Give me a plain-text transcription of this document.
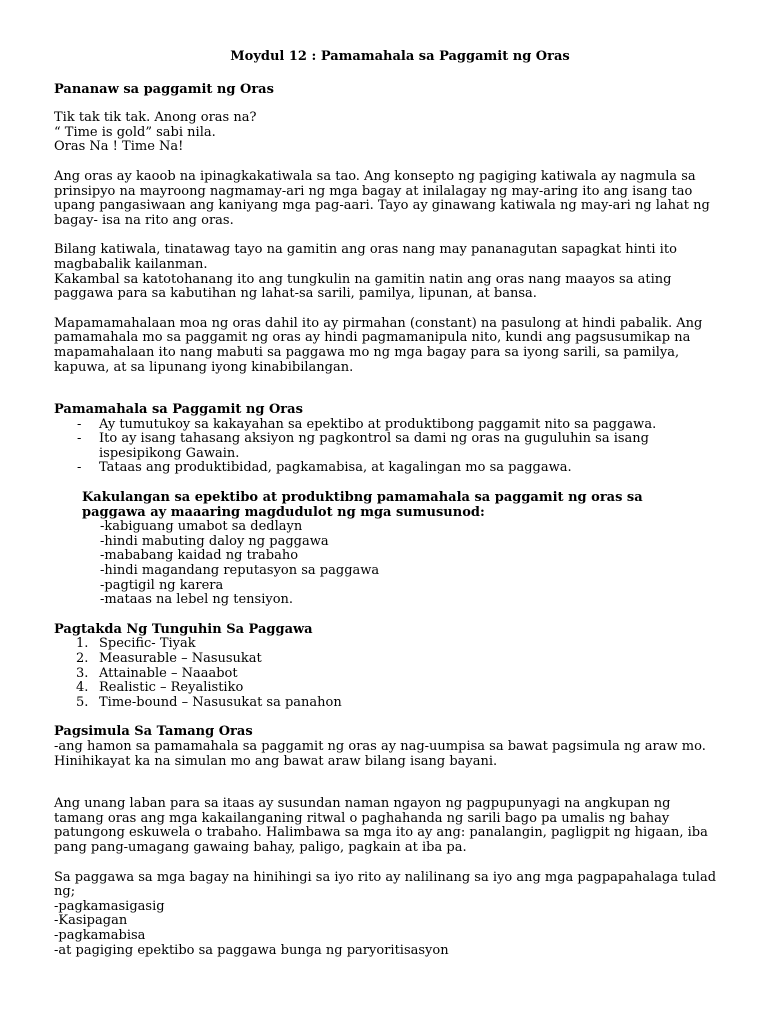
Moydul 12 : Pamamahala sa Paggamit ng Oras
Pananaw sa paggamit ng Oras
Tik tak tik tak. Anong oras na?
“ Time is gold” sabi nila.
Oras Na ! Time Na!
Ang oras ay kaoob na ipinagkakatiwala sa tao. Ang konsepto ng pagiging katiwala ay nagmula sa prinsipyo na mayroong nagmamay-ari ng mga bagay at inilalagay ng may-aring ito ang isang tao upang pangasiwaan ang kaniyang mga pag-aari. Tayo ay ginawang katiwala ng may-ari ng lahat ng bagay- isa na rito ang oras.
Bilang katiwala, tinatawag tayo na gamitin ang oras nang may pananagutan sapagkat hinti ito magbabalik kailanman.
Kakambal sa katotohanang ito ang tungkulin na gamitin natin ang oras nang maayos sa ating paggawa para sa kabutihan ng lahat-sa sarili, pamilya, lipunan, at bansa.
Mapamamahalaan moa ng oras dahil ito ay pirmahan (constant) na pasulong at hindi pabalik. Ang pamamahala mo sa paggamit ng oras ay hindi pagmamanipula nito, kundi ang pagsusumikap na mapamahalaan ito nang mabuti sa paggawa mo ng mga bagay para sa iyong sarili, sa pamilya, kapuwa, at sa lipunang iyong kinabibilangan.
Pamamahala sa Paggamit ng Oras
- Ay tumutukoy sa kakayahan sa epektibo at produktibong paggamit nito sa paggawa.
- Ito ay isang tahasang aksiyon ng pagkontrol sa dami ng oras na guguluhin sa isang ispesipikong Gawain.
- Tataas ang produktibidad, pagkamabisa, at kagalingan mo sa paggawa.
Kakulangan sa epektibo at produktibng pamamahala sa paggamit ng oras sa paggawa ay maaaring magdudulot ng mga sumusunod:
-kabiguang umabot sa dedlayn
-hindi mabuting daloy ng paggawa
-mababang kaidad ng trabaho
-hindi magandang reputasyon sa paggawa
-pagtigil ng karera
-mataas na lebel ng tensiyon.
Pagtakda Ng Tunguhin Sa Paggawa
1. Specific- Tiyak
2. Measurable – Nasusukat
3. Attainable – Naaabot
4. Realistic – Reyalistiko
5. Time-bound – Nasusukat sa panahon
Pagsimula Sa Tamang Oras
-ang hamon sa pamamahala sa paggamit ng oras ay nag-uumpisa sa bawat pagsimula ng araw mo. Hinihikayat ka na simulan mo ang bawat araw bilang isang bayani.
Ang unang laban para sa itaas ay susundan naman ngayon ng pagpupunyagi na angkupan ng tamang oras ang mga kakailanganing ritwal o paghahanda ng sarili bago pa umalis ng bahay patungong eskuwela o trabaho. Halimbawa sa mga ito ay ang: panalangin, pagligpit ng higaan, iba pang pang-umagang gawaing bahay, paligo, pagkain at iba pa.
Sa paggawa sa mga bagay na hinihingi sa iyo rito ay nalilinang sa iyo ang mga pagpapahalaga tulad ng;
-pagkamasigasig
-Kasipagan
-pagkamabisa
-at pagiging epektibo sa paggawa bunga ng paryoritisasyon
